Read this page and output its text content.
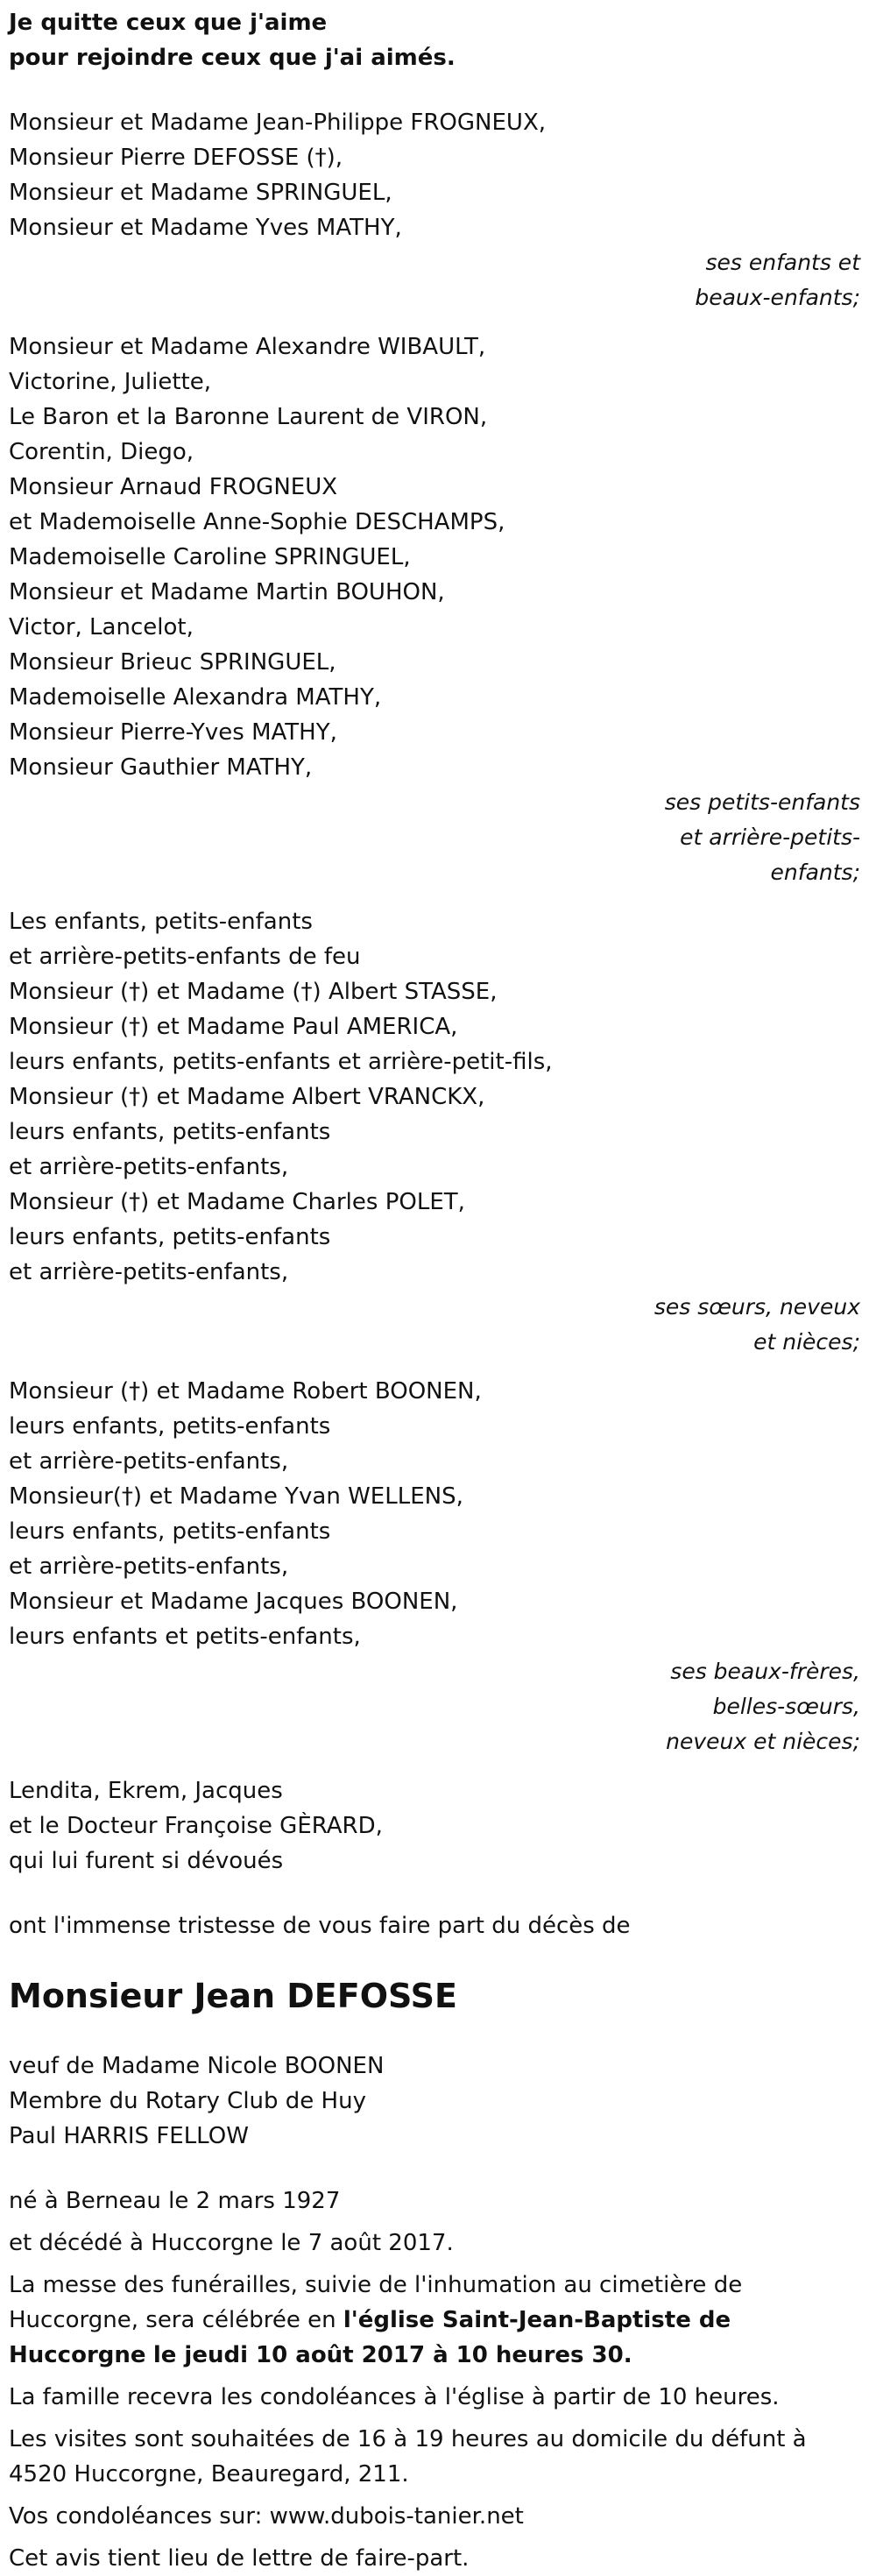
Je quitte ceux que j'aime
pour rejoindre ceux que j'ai aimés.
Monsieur et Madame Jean-Philippe FROGNEUX,
Monsieur Pierre DEFOSSE (†),
Monsieur et Madame SPRINGUEL,
Monsieur et Madame Yves MATHY,
ses enfants et
beaux-enfants;
Monsieur et Madame Alexandre WIBAULT,
Victorine, Juliette,
Le Baron et la Baronne Laurent de VIRON,
Corentin, Diego,
Monsieur Arnaud FROGNEUX
et Mademoiselle Anne-Sophie DESCHAMPS,
Mademoiselle Caroline SPRINGUEL,
Monsieur et Madame Martin BOUHON,
Victor, Lancelot,
Monsieur Brieuc SPRINGUEL,
Mademoiselle Alexandra MATHY,
Monsieur Pierre-Yves MATHY,
Monsieur Gauthier MATHY,
ses petits-enfants
et arrière-petits-
enfants;
Les enfants, petits-enfants
et arrière-petits-enfants de feu
Monsieur (†) et Madame (†) Albert STASSE,
Monsieur (†) et Madame Paul AMERICA,
leurs enfants, petits-enfants et arrière-petit-fils,
Monsieur (†) et Madame Albert VRANCKX,
leurs enfants, petits-enfants
et arrière-petits-enfants,
Monsieur (†) et Madame Charles POLET,
leurs enfants, petits-enfants
et arrière-petits-enfants,
ses sœurs, neveux
et nièces;
Monsieur (†) et Madame Robert BOONEN,
leurs enfants, petits-enfants
et arrière-petits-enfants,
Monsieur(†) et Madame Yvan WELLENS,
leurs enfants, petits-enfants
et arrière-petits-enfants,
Monsieur et Madame Jacques BOONEN,
leurs enfants et petits-enfants,
ses beaux-frères,
belles-sœurs,
neveux et nièces;
Lendita, Ekrem, Jacques
et le Docteur Françoise GÈRARD,
qui lui furent si dévoués
ont l'immense tristesse de vous faire part du décès de
Monsieur Jean DEFOSSE
veuf de Madame Nicole BOONEN
Membre du Rotary Club de Huy
Paul HARRIS FELLOW
né à Berneau le 2 mars 1927
et décédé à Huccorgne le 7 août 2017.

La messe des funérailles, suivie de l'inhumation au cimetière de Huccorgne, sera célébrée en l'église Saint-Jean-Baptiste de Huccorgne le jeudi 10 août 2017 à 10 heures 30.

La famille recevra les condoléances à l'église à partir de 10 heures.
Les visites sont souhaitées de 16 à 19 heures au domicile du défunt à 4520 Huccorgne, Beauregard, 211.
Vos condoléances sur: www.dubois-tanier.net
Cet avis tient lieu de lettre de faire-part.
